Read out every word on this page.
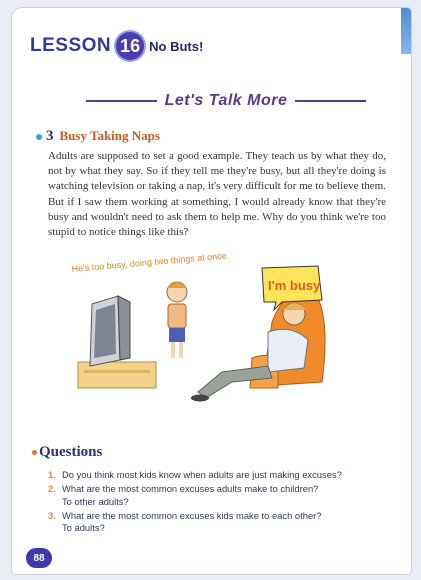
LESSON 16 No Buts!
Let's Talk More
3 Busy Taking Naps

Adults are supposed to set a good example. They teach us by what they do, not by what they say. So if they tell me they're busy, but all they're doing is watching television or taking a nap, it's very difficult for me to believe them. But if I saw them working at something, I would already know that they're busy and wouldn't need to ask them to help me. Why do you think we're too stupid to notice things like this?

I'm busy
He's too busy, doing two things at once.
Questions
1. Do you think most kids know when adults are just making excuses?
2. What are the most common excuses adults make to children?
To other adults?
3. What are the most common excuses kids make to each other?
To adults?
88
